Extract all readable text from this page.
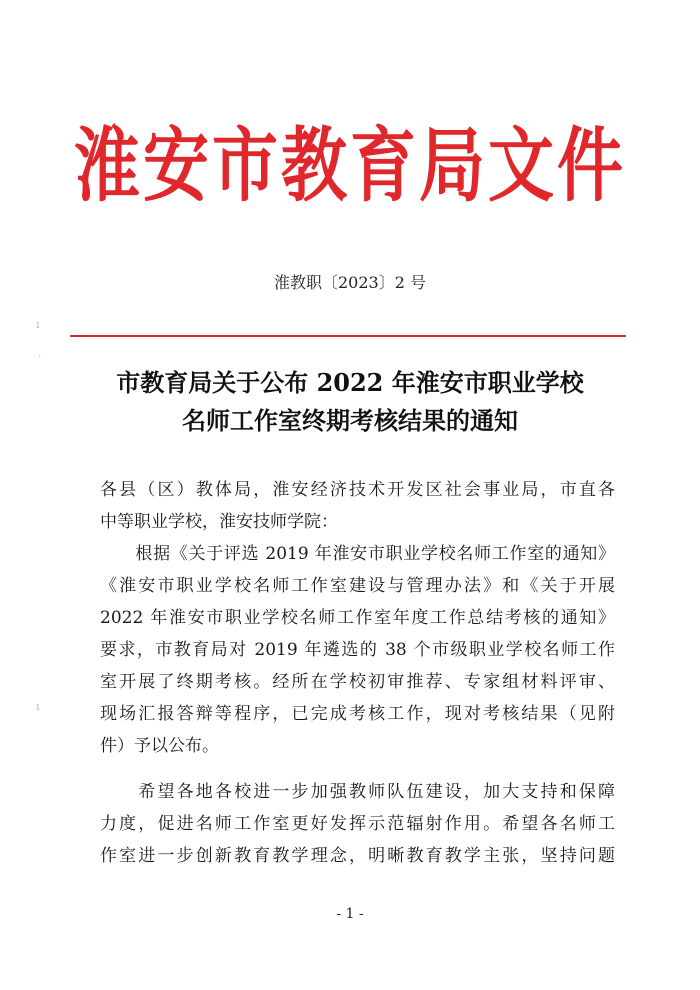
淮安市教育局文件
淮教职〔2023〕2 号
市教育局关于公布 2022 年淮安市职业学校
名师工作室终期考核结果的通知
各县（区）教体局，淮安经济技术开发区社会事业局，市直各
中等职业学校，淮安技师学院：
　　根据《关于评选 2019 年淮安市职业学校名师工作室的通知》
《淮安市职业学校名师工作室建设与管理办法》和《关于开展
2022 年淮安市职业学校名师工作室年度工作总结考核的通知》
要求，市教育局对 2019 年遴选的 38 个市级职业学校名师工作
室开展了终期考核。经所在学校初审推荐、专家组材料评审、
现场汇报答辩等程序，已完成考核工作，现对考核结果（见附
件）予以公布。
　　希望各地各校进一步加强教师队伍建设，加大支持和保障
力度，促进名师工作室更好发挥示范辐射作用。希望各名师工
作室进一步创新教育教学理念，明晰教育教学主张，坚持问题
- 1 -
ı
·
ı
